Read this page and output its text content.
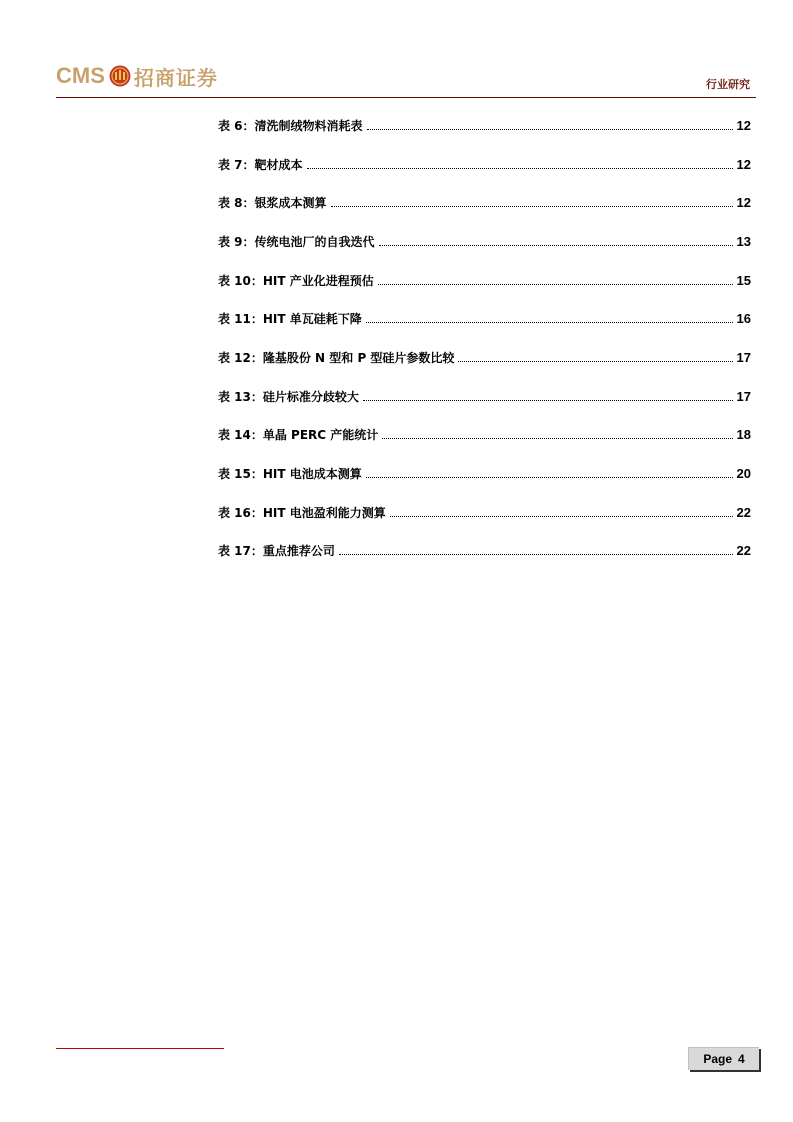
CMS 招商证券	行业研究
表 6：清洗制绒物料消耗表	12
表 7：靶材成本	12
表 8：银浆成本测算	12
表 9：传统电池厂的自我迭代	13
表 10：HIT 产业化进程预估	15
表 11：HIT 单瓦硅耗下降	16
表 12：隆基股份 N 型和 P 型硅片参数比较	17
表 13：硅片标准分歧较大	17
表 14：单晶 PERC 产能统计	18
表 15：HIT 电池成本测算	20
表 16：HIT 电池盈利能力测算	22
表 17：重点推荐公司	22
Page 4
